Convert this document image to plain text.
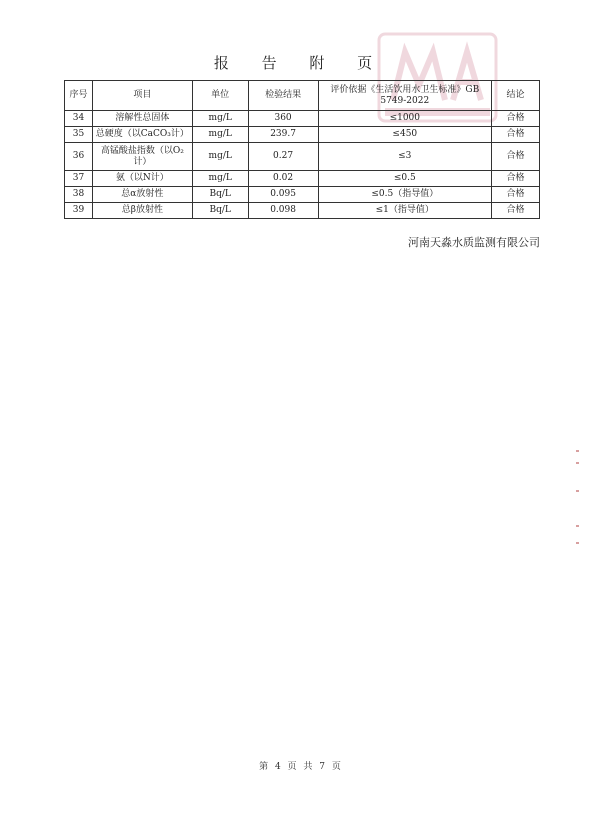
报 告 附 页
序号	项目	单位	检验结果	评价依据《生活饮用水卫生标准》GB 5749-2022	结论
34	溶解性总固体	mg/L	360	≤1000	合格
35	总硬度（以CaCO₃计）	mg/L	239.7	≤450	合格
36	高锰酸盐指数（以O₂计）	mg/L	0.27	≤3	合格
37	氨（以N计）	mg/L	0.02	≤0.5	合格
38	总α放射性	Bq/L	0.095	≤0.5（指导值）	合格
39	总β放射性	Bq/L	0.098	≤1（指导值）	合格
河南天淼水质监测有限公司
第 4 页 共 7 页
